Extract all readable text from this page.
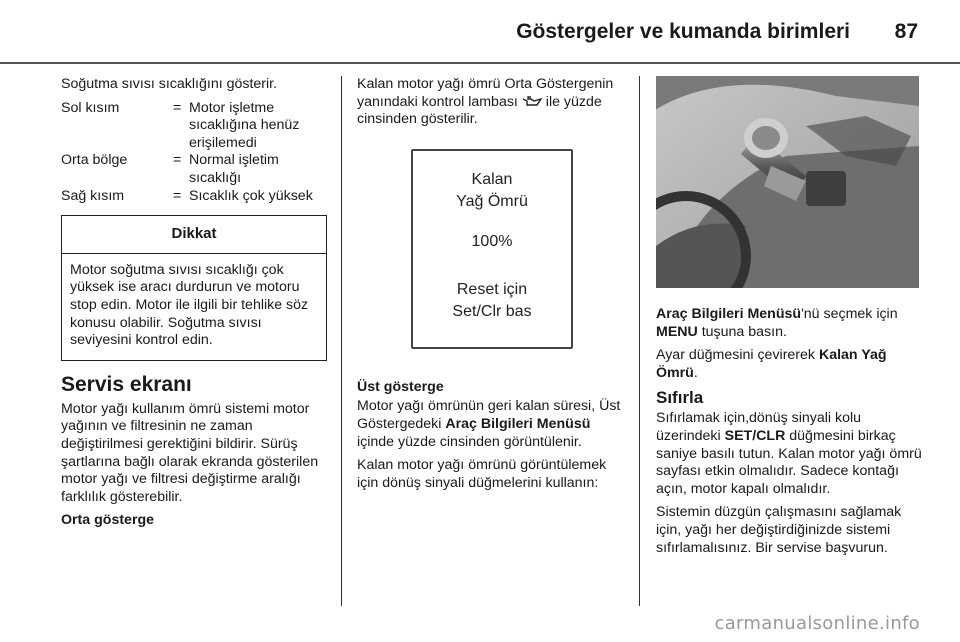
Göstergeler ve kumanda birimleri 87

Soğutma sıvısı sıcaklığını gösterir.

Sol kısım	= Motor işletme sıcaklığına henüz erişilemedi
Orta bölge	= Normal işletim sıcaklığı
Sağ kısım	= Sıcaklık çok yüksek
Dikkat
Motor soğutma sıvısı sıcaklığı çok yüksek ise aracı durdurun ve motoru stop edin. Motor ile ilgili bir tehlike söz konusu olabilir. Soğutma sıvısı seviyesini kontrol edin.
Servis ekranı

Motor yağı kullanım ömrü sistemi motor yağının ve filtresinin ne zaman değiştirilmesi gerektiğini bildirir. Sürüş şartlarına bağlı olarak ekranda gösterilen motor yağı ve filtresi değiştirme aralığı farklılık gösterebilir.

Orta gösterge

Kalan motor yağı ömrü Orta Göstergenin yanındaki kontrol lambası ile yüzde cinsinden gösterilir.

Kalan
Yağ Ömrü
100%
Reset için
Set/Clr bas
Üst gösterge

Motor yağı ömrünün geri kalan süresi, Üst Göstergedeki Araç Bilgileri Menüsü içinde yüzde cinsinden görüntülenir.

Kalan motor yağı ömrünü görüntülemek için dönüş sinyali düğmelerini kullanın:

Araç Bilgileri Menüsü'nü seçmek için MENU tuşuna basın.

Ayar düğmesini çevirerek Kalan Yağ Ömrü.

Sıfırla

Sıfırlamak için,dönüş sinyali kolu üzerindeki SET/CLR düğmesini birkaç saniye basılı tutun. Kalan motor yağı ömrü sayfası etkin olmalıdır. Sadece kontağı açın, motor kapalı olmalıdır.

Sistemin düzgün çalışmasını sağlamak için, yağı her değiştirdiğinizde sistemi sıfırlamalısınız. Bir servise başvurun.

carmanualsonline.info
